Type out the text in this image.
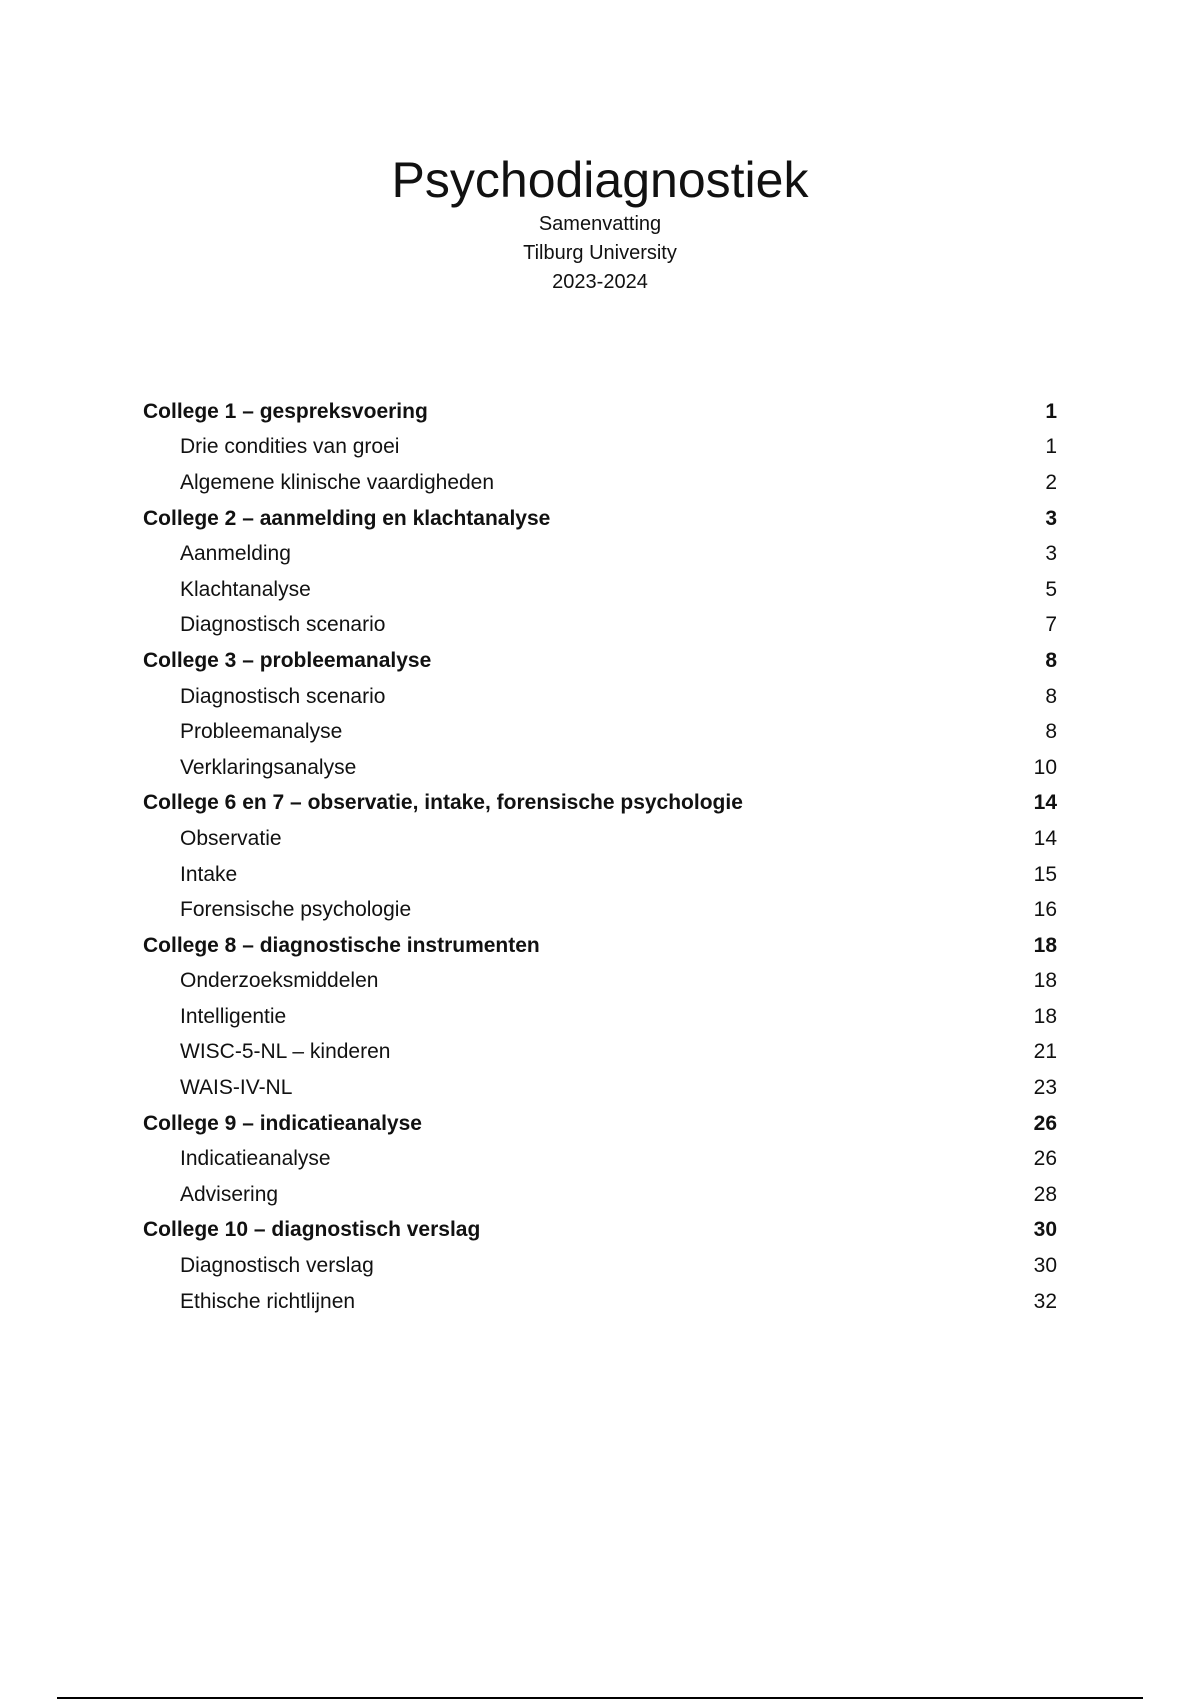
Psychodiagnostiek

Samenvatting

Tilburg University

2023-2024

College 1 – gespreksvoering	1
Drie condities van groei	1
Algemene klinische vaardigheden	2
College 2 – aanmelding en klachtanalyse	3
Aanmelding	3
Klachtanalyse	5
Diagnostisch scenario	7
College 3 – probleemanalyse	8
Diagnostisch scenario	8
Probleemanalyse	8
Verklaringsanalyse	10
College 6 en 7 – observatie, intake, forensische psychologie	14
Observatie	14
Intake	15
Forensische psychologie	16
College 8 – diagnostische instrumenten	18
Onderzoeksmiddelen	18
Intelligentie	18
WISC-5-NL – kinderen	21
WAIS-IV-NL	23
College 9 – indicatieanalyse	26
Indicatieanalyse	26
Advisering	28
College 10 – diagnostisch verslag	30
Diagnostisch verslag	30
Ethische richtlijnen	32
